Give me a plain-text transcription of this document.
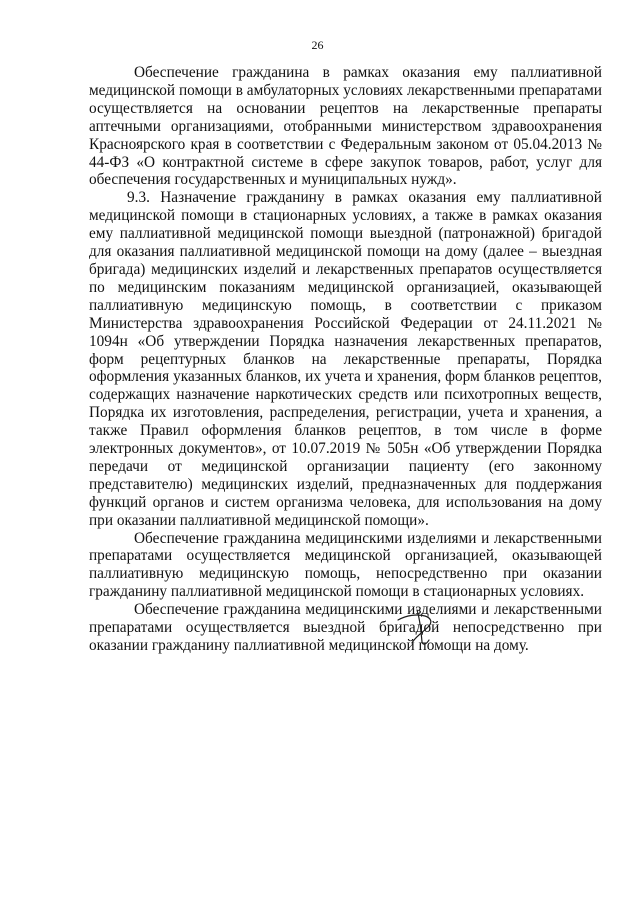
26

Обеспечение гражданина в рамках оказания ему паллиативной медицинской помощи в амбулаторных условиях лекарственными препаратами осуществляется на основании рецептов на лекарственные препараты аптечными организациями, отобранными министерством здравоохранения Красноярского края в соответствии с Федеральным законом от 05.04.2013 № 44-ФЗ «О контрактной системе в сфере закупок товаров, работ, услуг для обеспечения государственных и муниципальных нужд».

9.3. Назначение гражданину в рамках оказания ему паллиативной медицинской помощи в стационарных условиях, а также в рамках оказания ему паллиативной медицинской помощи выездной (патронажной) бригадой для оказания паллиативной медицинской помощи на дому (далее – выездная бригада) медицинских изделий и лекарственных препаратов осуществляется по медицинским показаниям медицинской организацией, оказывающей паллиативную медицинскую помощь, в соответствии с приказом Министерства здравоохранения Российской Федерации от 24.11.2021 № 1094н «Об утверждении Порядка назначения лекарственных препаратов, форм рецептурных бланков на лекарственные препараты, Порядка оформления указанных бланков, их учета и хранения, форм бланков рецептов, содержащих назначение наркотических средств или психотропных веществ, Порядка их изготовления, распределения, регистрации, учета и хранения, а также Правил оформления бланков рецептов, в том числе в форме электронных документов», от 10.07.2019 № 505н «Об утверждении Порядка передачи от медицинской организации пациенту (его законному представителю) медицинских изделий, предназначенных для поддержания функций органов и систем организма человека, для использования на дому при оказании паллиативной медицинской помощи».

Обеспечение гражданина медицинскими изделиями и лекарственными препаратами осуществляется медицинской организацией, оказывающей паллиативную медицинскую помощь, непосредственно при оказании гражданину паллиативной медицинской помощи в стационарных условиях.

Обеспечение гражданина медицинскими изделиями и лекарственными препаратами осуществляется выездной бригадой непосредственно при оказании гражданину паллиативной медицинской помощи на дому.
